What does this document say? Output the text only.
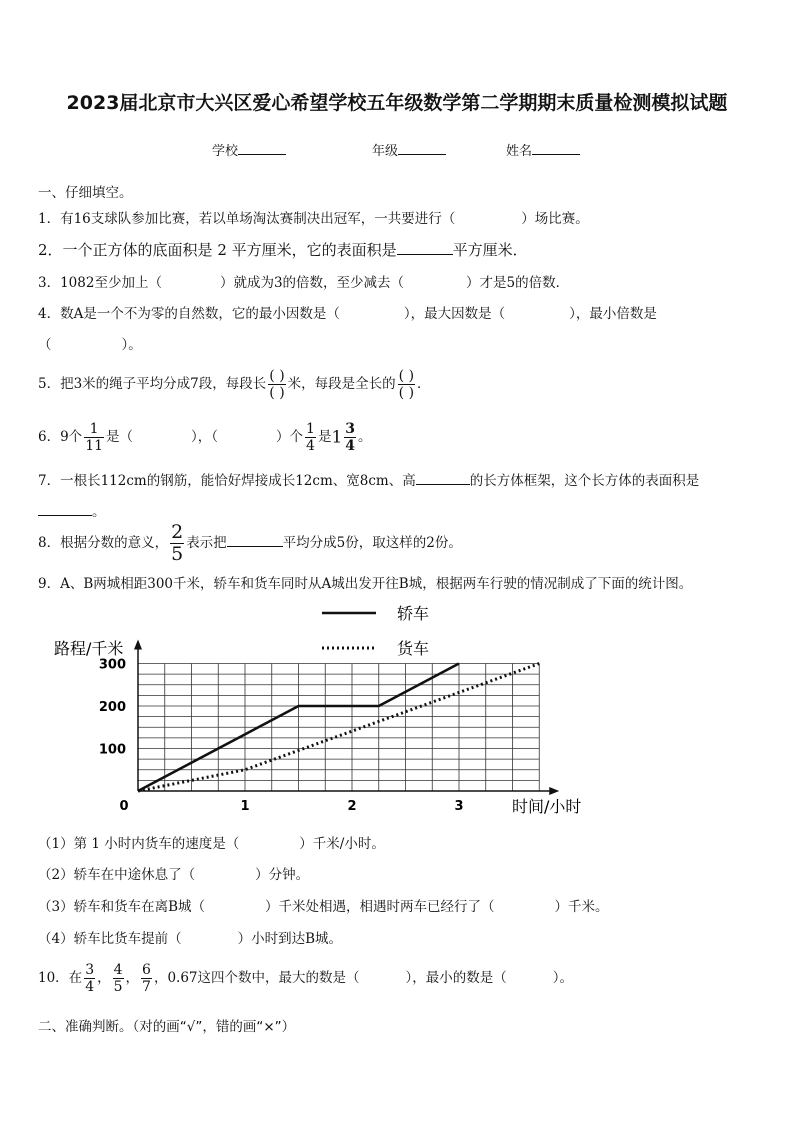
2023届北京市大兴区爱心希望学校五年级数学第二学期期末质量检测模拟试题
学校	年级	姓名
一、仔细填空。
1．有16支球队参加比赛，若以单场淘汰赛制决出冠军，一共要进行（	）场比赛。
2．一个正方体的底面积是 2 平方厘米，它的表面积是	平方厘米．
3．1082至少加上（	）就成为3的倍数，至少减去（	）才是5的倍数．
4．数A是一个不为零的自然数，它的最小因数是（	），最大因数是（	），最小倍数是
（	）。
5．把3米的绳子平均分成7段，每段长 $\frac{( )}{( )}$ 米，每段是全长的 $\frac{( )}{( )}$ ．
6．9个 $\frac{1}{11}$ 是（	），（	）个 $\frac{1}{4}$ 是$1 \frac{3}{4}$ 。
7．一根长112cm的钢筋，能恰好焊接成长12cm、宽8cm、高	的长方体框架，这个长方体的表面积是
。
8．根据分数的意义， $\frac{2}{5}$ 表示把	平均分成5份，取这样的2份。
9．A、B两城相距300千米，轿车和货车同时从A城出发开往B城，根据两车行驶的情况制成了下面的统计图。
100
200
300
0	1	2	3
路程/千米
时间/小时
轿车
货车
（1）第 1 小时内货车的速度是（	）千米/小时。
（2）轿车在中途休息了（	）分钟。
（3）轿车和货车在离B城（	）千米处相遇，相遇时两车已经行了（	）千米。
（4）轿车比货车提前（	）小时到达B城。
10．在 $\frac{3}{4}$ ， $\frac{4}{5}$ ， $\frac{6}{7}$ ，0.67这四个数中，最大的数是（	），最小的数是（	）。
二、准确判断。（对的画“√”，错的画“×”）
